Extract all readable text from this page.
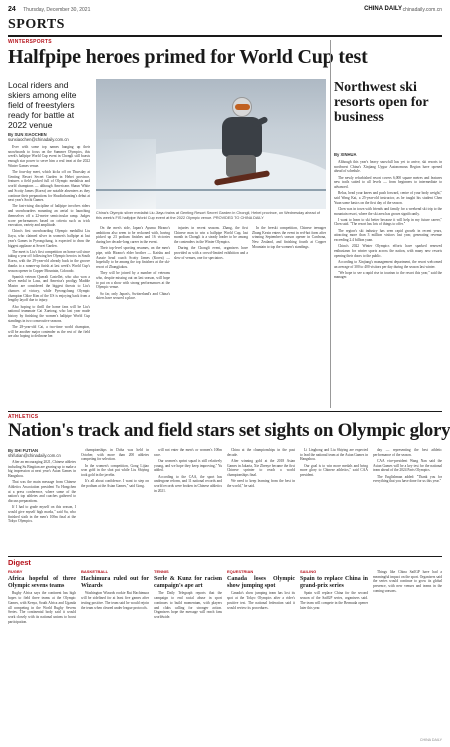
24 Thursday, December 30, 2021	CHINA DAILY chinadaily.com.cn
SPORTS
WINTERSPORTS
Halfpipe heroes primed for World Cup test
Local riders and skiers among elite field of freestylers ready for battle at 2022 venue
By SUN XIAOCHEN
sunxiaochen@chinadaily.com.cn

Ever with some top names hanging up their snowboards to focus on the Summer Olympics, this week's halfpipe World Cup event in Chongli still boasts enough star power to serve him a real treat at the 2022 Winter Games venue.

The four-day meet, which kicks off on Thursday at Genting Resort Secret Garden in Hebei province, features a field packed full of Olympic medalists and world champions — although Americans Shaun White and Scotty James (Korea) are notable absentees as they continue their preparations for Shaolinhunting's debut at next year's Sochi Games.

The fast-rising discipline of halfpipe involves riders and snowboarders mounting an aerial to launching themselves off a 22-metre semicircular ramp. Judges score performances based on criteria such as trick execution, variety and amplitude.

China's first snowboarding Olympic medallist Liu Jiayu, who claimed silver in women's halfpipe at last year's Games in Pyeongchang, is expected to draw the biggest applause at Secret Garden.

The meet is Liu's first competition on home soil since taking a year off following her Olympic heroics in South Korea, with the 29-year-old already back in the groove thanks to a runner-up finish at last week's World Cup's season opener in Copper Mountain, Colorado.

Spanish veteran Queralt Castellet, who also won a silver medal in Laax, and America's prodigy Maddie Mastro are considered the biggest threats to Liu's chances of victory, while Pyeongchang Olympic champion Chloe Kim of the US is enjoying back from a lengthy layoff due to injury.

Also hoping to thrill the home fans will be Liu's national teammate Cai Xuetong, who last year made history by finishing the women's halfpipe World Cup standings in two consecutive seasons.

The 28-year-old Cai, a two-time world champion, will be another major contender as the rest of the field are also hoping to dethrone her.

China's Olympic silver medalist Liu Jiayu trains at Genting Resort Secret Garden in Chongli, Hebei province, on Wednesday ahead of this week's FIS halfpipe World Cup event at the 2022 Olympic venue. PROVIDED TO CHINA DAILY

On the men's side, Japan's Ayumu Hirano's ambitions also seem to be reckoned with, having picked up 23 podium finishes and 16 victories during her decade-long career in the event.

Their top-level sporting resumes, on the men's pipe, with Hirano's elder brother — Kaishu and Aussie head coach Scotty James (Korea) — hopefully to be among the top finishers at the ski-resort of Zhangjiakou.

They will be joined by a number of veterans who, despite missing out on last season, will hope to put on a show with strong performances at the Olympic venue.

So far, only Japan's, Switzerland's and China's skiers have secured a place.

injuries in recent seasons. Zhang, the first Chinese man to win a halfpipe World Cup, last month in Chongli is a steady leader to be among the contenders in the Winter Olympics.

During the Chongli event, organisers have provided as with a crowd-limited exhibition and a slew of venues, one for spectators.

In the freeski competition, Chinese teenager Zhang Kexin enters the event in red-hot form after winning September's season opener in Cardrona, New Zealand, and finishing fourth at Copper Mountain to top the women's standings.

Northwest ski resorts open for business
By XINHUA

Although this year's heavy snowfall has yet to arrive, ski resorts in northwest China's Xinjiang Uygur Autonomous Region have opened ahead of schedule.

The newly refurbished resort covers 6,000 square metres and features new trails suited to all levels — from beginners to intermediate to advanced.

Relax, head your knees and push forward, centre of your body weight," said Wang Kai, a 25-year-old instructor, as he taught his student Chen Yuan some basics on the first day of the season.

Chen was in town with friends and family for a weekend ski trip to the mountain resort, where the ski area has grown significantly.

I want to learn to ski better because it will help in my future career," Chen said. "The resort has lots of things to offer."

The region's ski industry has seen rapid growth in recent years, attracting more than 3 million visitors last year, generating revenue exceeding 2.4 billion yuan.

China's 2022 Winter Olympics efforts have sparked renewed enthusiasm for winter sports across the nation, with many new resorts opening their doors to the public.

According to Xinjiang's management department, the resort welcomed an average of 300 to 400 visitors per day during the season last winter.

"We hope to see a rapid rise in tourism to the resort this year," said the manager.

ATHLETICS
Nation's track and field stars set sights on Olympic glory
By SHI FUTIAN
shifutian@chinadaily.com.cn

After an encouraging 2021, Chinese athletes including Su Bingtian are gearing up to make a big impression at next year's Asian Games in Hangzhou.

That was the main message from Chinese Athletics Association president Yu Hongchen at a press conference, where some of the nation's top athletes and coaches gathered to discuss preparations.

If I had to grade myself on this season, I would give myself high marks," said Su, who finished sixth in the men's 100m final at the Tokyo Olympics.

championships in Doha was held in October, with more than 200 athletes competing for selection.

In the women's competition, Gong Lijiao won gold in the shot put while Liu Shiying took gold in the javelin.

It's all about confidence. I want to step on the podium at the Asian Games," said Gong.

will not enter the men's or women's 100m race.

Our women's sprint squad is still relatively young, and we hope they keep improving," Yu added.

According to the CAA, the sport has undergone reform, and 11 national records and world records were broken in Chinese athletics in 2021.

China at the championships in the past decade.

After winning gold at the 2018 Asian Games in Jakarta, Xie Zhenye became the first Chinese sprinter to reach a world championships final.

We need to keep learning from the best in the world," he said.

Li Linghong and Liu Shiying are expected to lead the national team at the Asian Games in Hangzhou.

Our goal is to win more medals and bring more glory to Chinese athletics," said CAA president.

day — representing the best athletic performance of the season.

CAA vice-president Wang Nan said the Asian Games will be a key test for the national team ahead of the 2024 Paris Olympics.

The Englishman added: "Thank you for everything that you have done for us this year."

Digest

RUGBY

Africa hopeful of three Olympic sevens teams

Rugby Africa says the continent has high hopes to field three teams at the Olympic Games, with Kenya, South Africa and Uganda all competing in the World Rugby Sevens Series. The continental body said it would work closely with its national unions to boost participation.

BASKETBALL

Hachimura ruled out for Wizards

Washington Wizards rookie Rui Hachimura will be sidelined for at least five games after testing positive. The team said he would rejoin the team when cleared under league protocols.

TENNIS

Serle & Kunz for racism campaign's ape art

The Daily Telegraph reports that the campaign to end racial abuse in sport continues to build momentum, with players and clubs calling for stronger action. Organisers hope the message will reach fans worldwide.

EQUESTRIAN

Canada loses Olympic show jumping spot

Canada's show jumping team has lost its spot at the Tokyo Olympics after a rider's positive test. The national federation said it would review its procedures.

SAILING

Spain to replace China in grand-prix series

Spain will replace China for the second season of the SailGP series, organisers said. The team will compete in the Bermuda opener later this year.

Things like China SailGP have had a meaningful impact on the sport. Organisers said the series would continue to grow its global presence, with new venues and teams in the coming seasons.

CHINA DAILY
